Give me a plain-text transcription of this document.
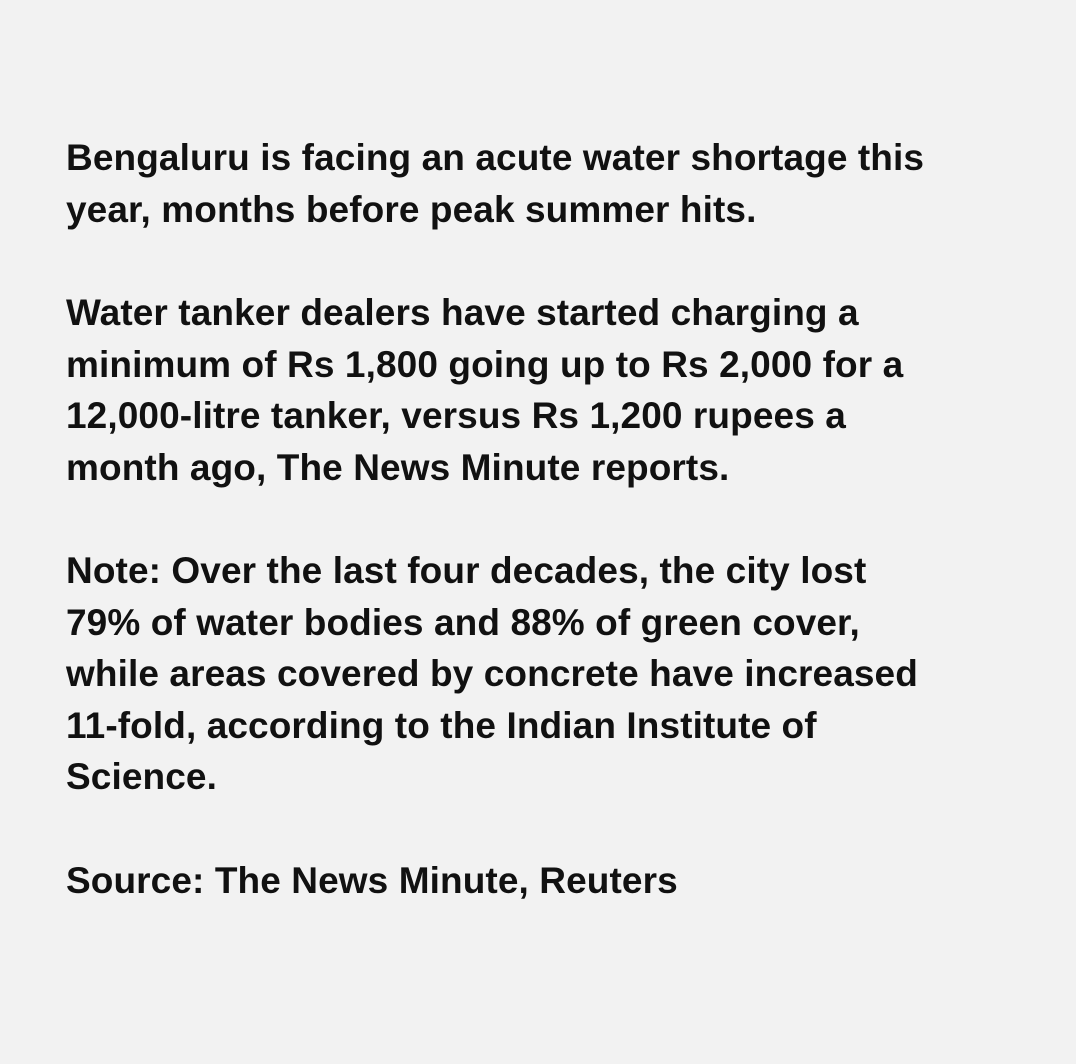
Bengaluru is facing an acute water shortage this
year, months before peak summer hits.

Water tanker dealers have started charging a
minimum of Rs 1,800 going up to Rs 2,000 for a
12,000-litre tanker, versus Rs 1,200 rupees a
month ago, The News Minute reports.

Note: Over the last four decades, the city lost
79% of water bodies and 88% of green cover,
while areas covered by concrete have increased
11-fold, according to the Indian Institute of
Science.

Source: The News Minute, Reuters
